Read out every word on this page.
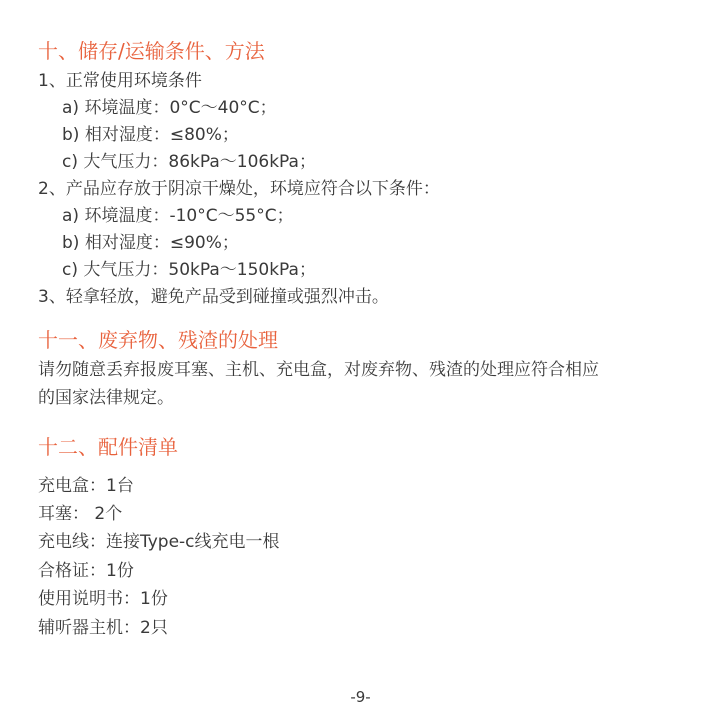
十、储存/运输条件、方法
1、正常使用环境条件
a) 环境温度：0°C～40°C；
b) 相对湿度：≤80%；
c) 大气压力：86kPa～106kPa；
2、产品应存放于阴凉干燥处，环境应符合以下条件：
a) 环境温度：-10°C～55°C；
b) 相对湿度：≤90%；
c) 大气压力：50kPa～150kPa；
3、轻拿轻放，避免产品受到碰撞或强烈冲击。
十一、废弃物、残渣的处理
请勿随意丢弃报废耳塞、主机、充电盒，对废弃物、残渣的处理应符合相应
的国家法律规定。
十二、配件清单
充电盒：1台
耳塞： 2个
充电线：连接Type-c线充电一根
合格证：1份
使用说明书：1份
辅听器主机：2只
-9-
